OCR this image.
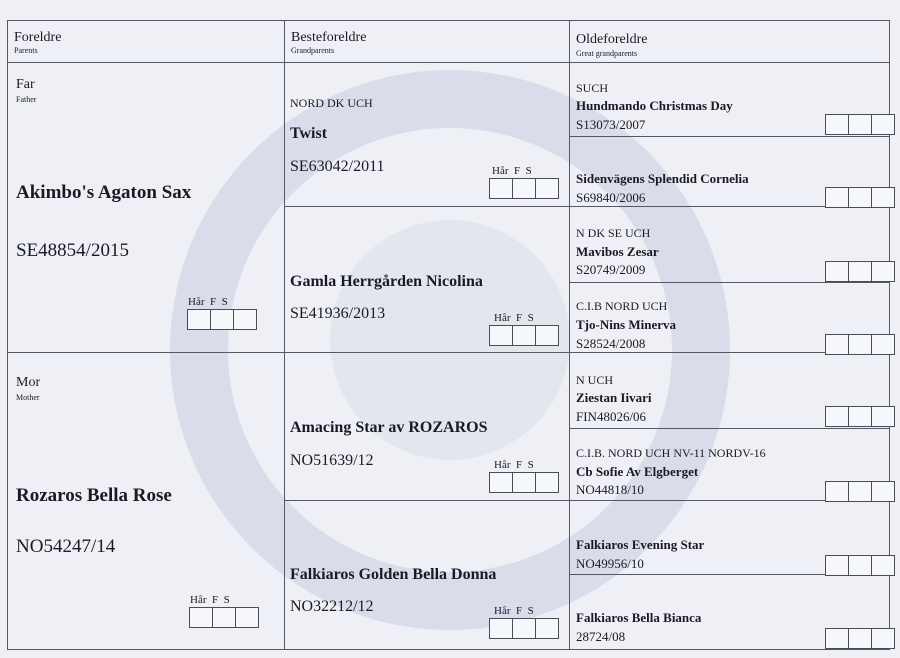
Foreldre
Parents
Besteforeldre
Grandparents
Oldeforeldre
Great grandparents
Far
Father
Akimbo's Agaton Sax
SE48854/2015
Hår F S
Mor
Mother
Rozaros Bella Rose
NO54247/14
Hår F S
NORD DK UCH
Twist
SE63042/2011	Hår F S
Gamla Herrgården Nicolina
SE41936/2013	Hår F S
Amacing Star av ROZAROS
NO51639/12	Hår F S
Falkiaros Golden Bella Donna
NO32212/12	Hår F S
SUCH
Hundmando Christmas Day
S13073/2007
Sidenvägens Splendid Cornelia
S69840/2006
N DK SE UCH
Mavibos Zesar
S20749/2009
C.I.B NORD UCH
Tjo-Nins Minerva
S28524/2008
N UCH
Ziestan Iivari
FIN48026/06
C.I.B. NORD UCH NV-11 NORDV-16
Cb Sofie Av Elgberget
NO44818/10
Falkiaros Evening Star
NO49956/10
Falkiaros Bella Bianca
28724/08
